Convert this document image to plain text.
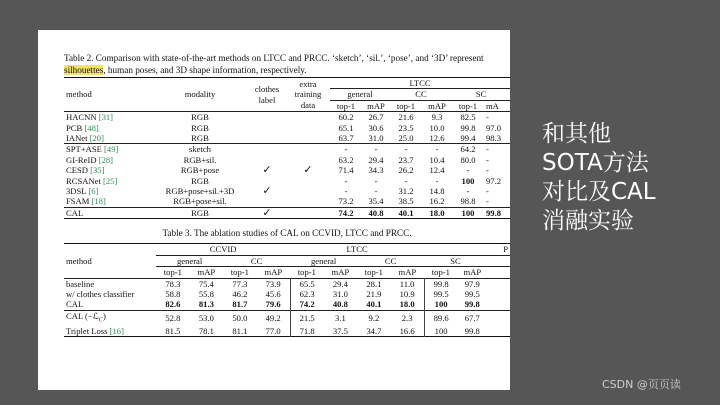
Table 2. Comparison with state-of-the-art methods on LTCC and PRCC. ‘sketch’, ‘sil.’, ‘pose’, and ‘3D’ represent silhouettes, human poses, and 3D shape information, respectively.
method	modality	clothes label	extra training data	LTCC					
				general		CC		SC	
				top-1	mAP	top-1	mAP	top-1	mA
HACNN [31]	RGB			60.2	26.7	21.6	9.3	82.5	-
PCB [48]	RGB			65.1	30.6	23.5	10.0	99.8	97.0
IANet [20]	RGB			63.7	31.0	25.0	12.6	99.4	98.3
SPT+ASE [49]	sketch			-	-	-	-	64.2	-
GI-ReID [28]	RGB+sil.			63.2	29.4	23.7	10.4	80.0	-
CESD [35]	RGB+pose	✓	✓	71.4	34.3	26.2	12.4	-	-
RCSANet [25]	RGB			-	-	-	-	100	97.2
3DSL [6]	RGB+pose+sil.+3D	✓		-	-	31.2	14.8	-	-
FSAM [18]	RGB+pose+sil.			73.2	35.4	38.5	16.2	98.8	-
CAL	RGB	✓		74.2	40.8	40.1	18.0	100	99.8
Table 3. The ablation studies of CAL on CCVID, LTCC and PRCC.
method	CCVID				LTCC				P		
	general		CC		general		CC		SC		
	top-1	mAP	top-1	mAP	top-1	mAP	top-1	mAP	top-1	mAP	
baseline	78.3	75.4	77.3	73.9	65.5	29.4	28.1	11.0	99.8	97.9	
w/ clothes classifier	58.8	55.8	46.2	45.6	62.3	31.0	21.9	10.9	99.5	99.5	
CAL	82.6	81.3	81.7	79.6	74.2	40.8	40.1	18.0	100	99.8	
CAL (−ℒ$_C$)	52.8	53.0	50.0	49.2	21.5	3.1	9.2	2.3	89.6	67.7	
Triplet Loss [16]	81.5	78.1	81.1	77.0	71.8	37.5	34.7	16.6	100	99.8	
和其他
SOTA方法
对比及CAL
消融实验
CSDN @页页读
